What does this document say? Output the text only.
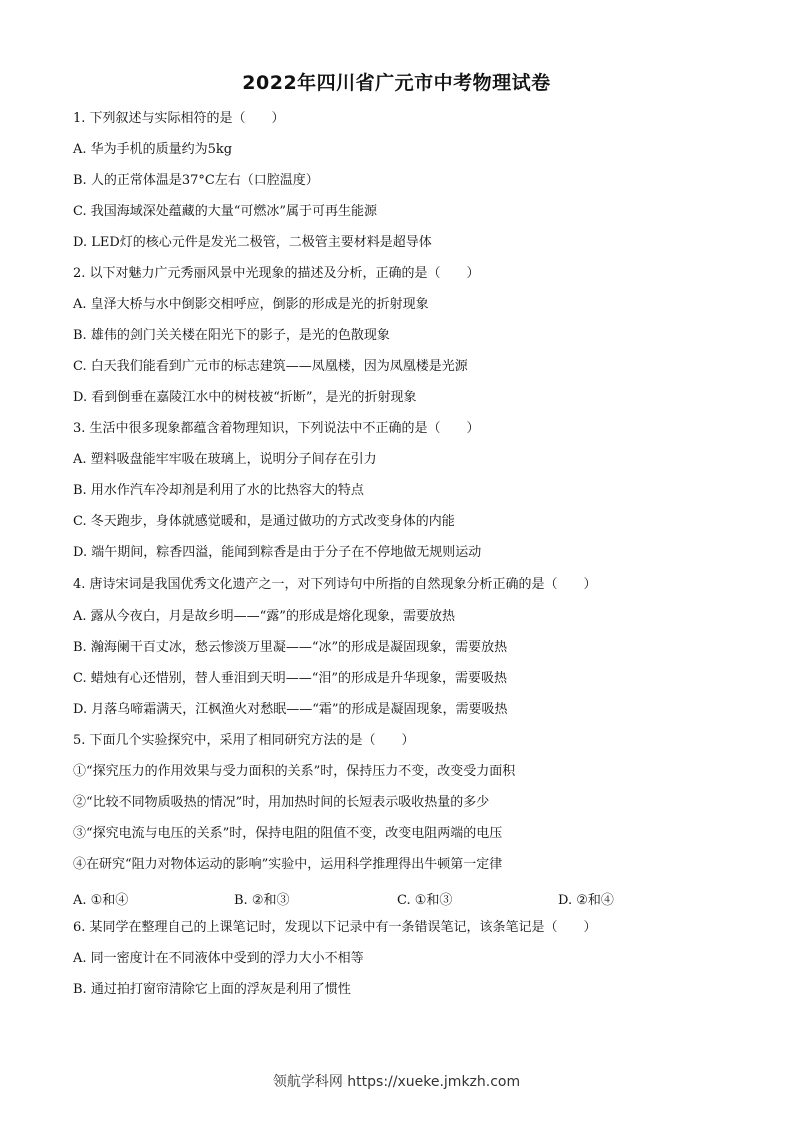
2022年四川省广元市中考物理试卷
1. 下列叙述与实际相符的是（　　）
A. 华为手机的质量约为5kg
B. 人的正常体温是37°C左右（口腔温度）
C. 我国海域深处蕴藏的大量“可燃冰”属于可再生能源
D. LED灯的核心元件是发光二极管，二极管主要材料是超导体
2. 以下对魅力广元秀丽风景中光现象的描述及分析，正确的是（　　）
A. 皇泽大桥与水中倒影交相呼应，倒影的形成是光的折射现象
B. 雄伟的剑门关关楼在阳光下的影子，是光的色散现象
C. 白天我们能看到广元市的标志建筑——凤凰楼，因为凤凰楼是光源
D. 看到倒垂在嘉陵江水中的树枝被“折断”，是光的折射现象
3. 生活中很多现象都蕴含着物理知识，下列说法中不正确的是（　　）
A. 塑料吸盘能牢牢吸在玻璃上，说明分子间存在引力
B. 用水作汽车冷却剂是利用了水的比热容大的特点
C. 冬天跑步，身体就感觉暖和，是通过做功的方式改变身体的内能
D. 端午期间，粽香四溢，能闻到粽香是由于分子在不停地做无规则运动
4. 唐诗宋词是我国优秀文化遗产之一，对下列诗句中所指的自然现象分析正确的是（　　）
A. 露从今夜白，月是故乡明——“露”的形成是熔化现象，需要放热
B. 瀚海阑干百丈冰，愁云惨淡万里凝——“冰”的形成是凝固现象，需要放热
C. 蜡烛有心还惜别，替人垂泪到天明——“泪”的形成是升华现象，需要吸热
D. 月落乌啼霜满天，江枫渔火对愁眠——“霜”的形成是凝固现象，需要吸热
5. 下面几个实验探究中，采用了相同研究方法的是（　　）
①“探究压力的作用效果与受力面积的关系”时，保持压力不变，改变受力面积
②“比较不同物质吸热的情况”时，用加热时间的长短表示吸收热量的多少
③“探究电流与电压的关系”时，保持电阻的阻值不变，改变电阻两端的电压
④在研究“阻力对物体运动的影响”实验中，运用科学推理得出牛顿第一定律
A. ①和④	B. ②和③	C. ①和③	D. ②和④
6. 某同学在整理自己的上课笔记时，发现以下记录中有一条错误笔记，该条笔记是（　　）
A. 同一密度计在不同液体中受到的浮力大小不相等
B. 通过拍打窗帘清除它上面的浮灰是利用了惯性
领航学科网 https://xueke.jmkzh.com
